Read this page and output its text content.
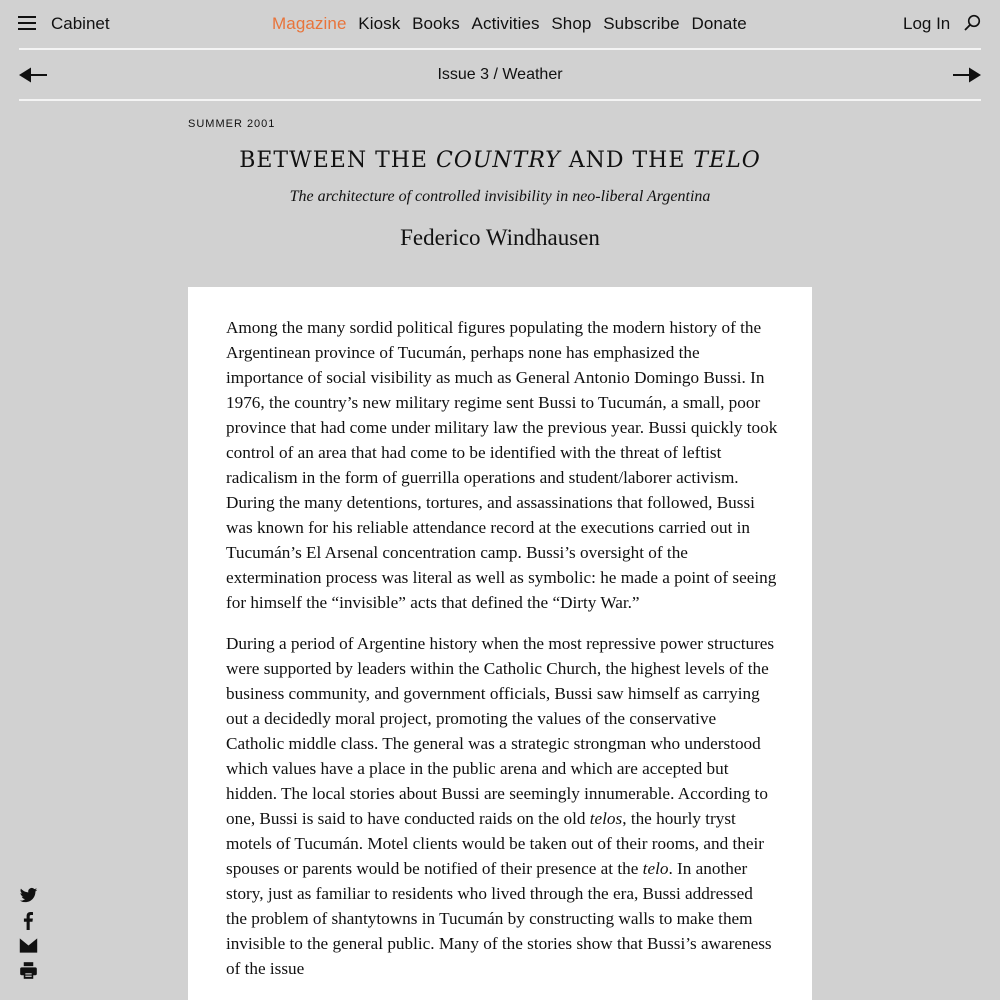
Cabinet	Magazine Kiosk Books Activities Shop Subscribe Donate	Log In
Issue 3 / Weather
SUMMER 2001
BETWEEN THE COUNTRY AND THE TELO
The architecture of controlled invisibility in neo-liberal Argentina
Federico Windhausen

Among the many sordid political figures populating the modern history of the Argentinean province of Tucumán, perhaps none has emphasized the importance of social visibility as much as General Antonio Domingo Bussi. In 1976, the country’s new military regime sent Bussi to Tucumán, a small, poor province that had come under military law the previous year. Bussi quickly took control of an area that had come to be identified with the threat of leftist radicalism in the form of guerrilla operations and student/laborer activism. During the many detentions, tortures, and assassinations that followed, Bussi was known for his reliable attendance record at the executions carried out in Tucumán’s El Arsenal concentration camp. Bussi’s oversight of the extermination process was literal as well as symbolic: he made a point of seeing for himself the “invisible” acts that defined the “Dirty War.”

During a period of Argentine history when the most repressive power structures were supported by leaders within the Catholic Church, the highest levels of the business community, and government officials, Bussi saw himself as carrying out a decidedly moral project, promoting the values of the conservative Catholic middle class. The general was a strategic strongman who understood which values have a place in the public arena and which are accepted but hidden. The local stories about Bussi are seemingly innumerable. According to one, Bussi is said to have conducted raids on the old telos, the hourly tryst motels of Tucumán. Motel clients would be taken out of their rooms, and their spouses or parents would be notified of their presence at the telo. In another story, just as familiar to residents who lived through the era, Bussi addressed the problem of shantytowns in Tucumán by constructing walls to make them invisible to the general public. Many of the stories show that Bussi’s awareness of the issue
